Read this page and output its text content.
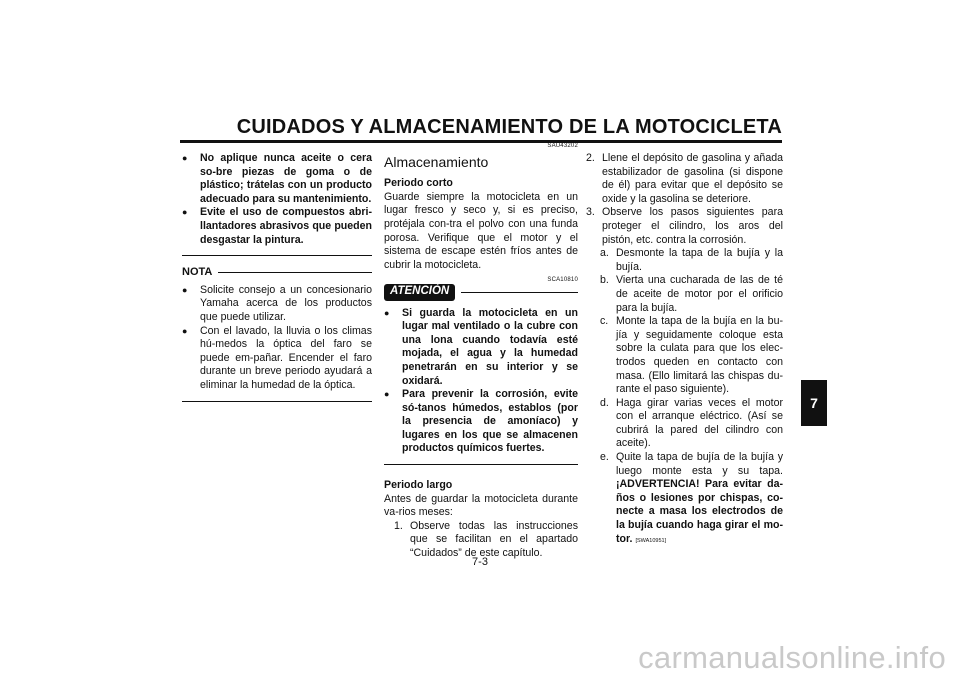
CUIDADOS Y ALMACENAMIENTO DE LA MOTOCICLETA
●	No aplique nunca aceite o cera so-bre piezas de goma o de plástico; trátelas con un producto adecuado para su mantenimiento.
●	Evite el uso de compuestos abri-llantadores abrasivos que pueden desgastar la pintura.
NOTA
●	Solicite consejo a un concesionario Yamaha acerca de los productos que puede utilizar.
●	Con el lavado, la lluvia o los climas hú-medos la óptica del faro se puede em-pañar. Encender el faro durante un breve periodo ayudará a eliminar la humedad de la óptica.
SAU43202
Almacenamiento
Periodo corto
Guarde siempre la motocicleta en un lugar fresco y seco y, si es preciso, protéjala con-tra el polvo con una funda porosa. Verifique que el motor y el sistema de escape estén fríos antes de cubrir la motocicleta.
SCA10810
ATENCIÓN
●	Si guarda la motocicleta en un lugar mal ventilado o la cubre con una lona cuando todavía esté mojada, el agua y la humedad penetrarán en su interior y se oxidará.
●	Para prevenir la corrosión, evite só-tanos húmedos, establos (por la presencia de amoníaco) y lugares en los que se almacenen productos químicos fuertes.
Periodo largo
Antes de guardar la motocicleta durante va-rios meses:
1. Observe todas las instrucciones que se facilitan en el apartado “Cuidados” de este capítulo.
2. Llene el depósito de gasolina y añada estabilizador de gasolina (si dispone de él) para evitar que el depósito se oxide y la gasolina se deteriore.
3. Observe los pasos siguientes para proteger el cilindro, los aros del pistón, etc. contra la corrosión.
a. Desmonte la tapa de la bujía y la bujía.
b. Vierta una cucharada de las de té de aceite de motor por el orificio para la bujía.
c. Monte la tapa de la bujía en la bu-jía y seguidamente coloque esta sobre la culata para que los elec-trodos queden en contacto con masa. (Ello limitará las chispas du-rante el paso siguiente).
d. Haga girar varias veces el motor con el arranque eléctrico. (Así se cubrirá la pared del cilindro con aceite).
e. Quite la tapa de bujía de la bujía y luego monte esta y su tapa. ¡ADVERTENCIA! Para evitar da-ños o lesiones por chispas, co-necte a masa los electrodos de la bujía cuando haga girar el mo-tor. [SWA10951]
7
7-3
carmanualsonline.info
